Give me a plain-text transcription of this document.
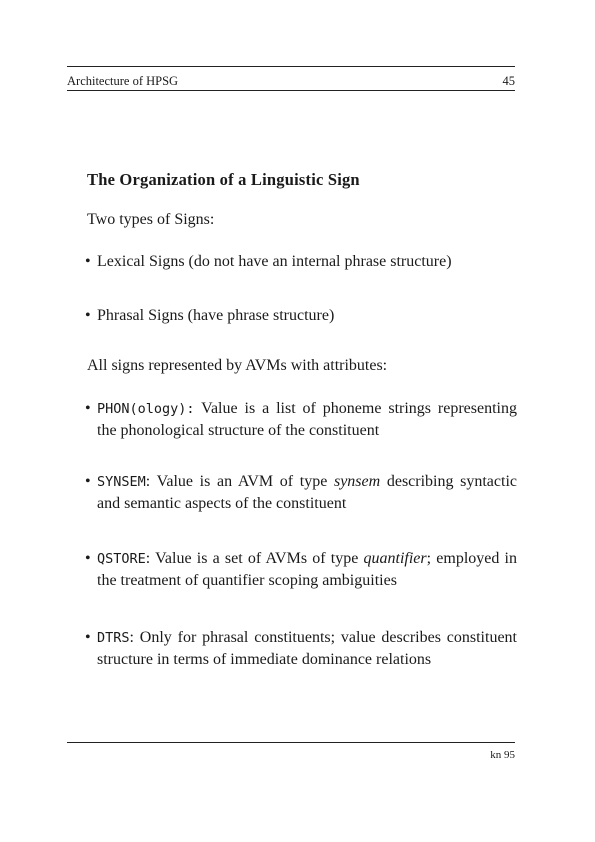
Architecture of HPSG	45
The Organization of a Linguistic Sign

Two types of Signs:

• Lexical Signs (do not have an internal phrase structure)
• Phrasal Signs (have phrase structure)

All signs represented by AVMs with attributes:

• PHON(ology): Value is a list of phoneme strings representing the phonological structure of the constituent
• SYNSEM: Value is an AVM of type synsem describing syntactic and semantic aspects of the constituent
• QSTORE: Value is a set of AVMs of type quantifier; employed in the treatment of quantifier scoping ambiguities
• DTRS: Only for phrasal constituents; value describes constituent structure in terms of immediate dominance relations
kn 95
